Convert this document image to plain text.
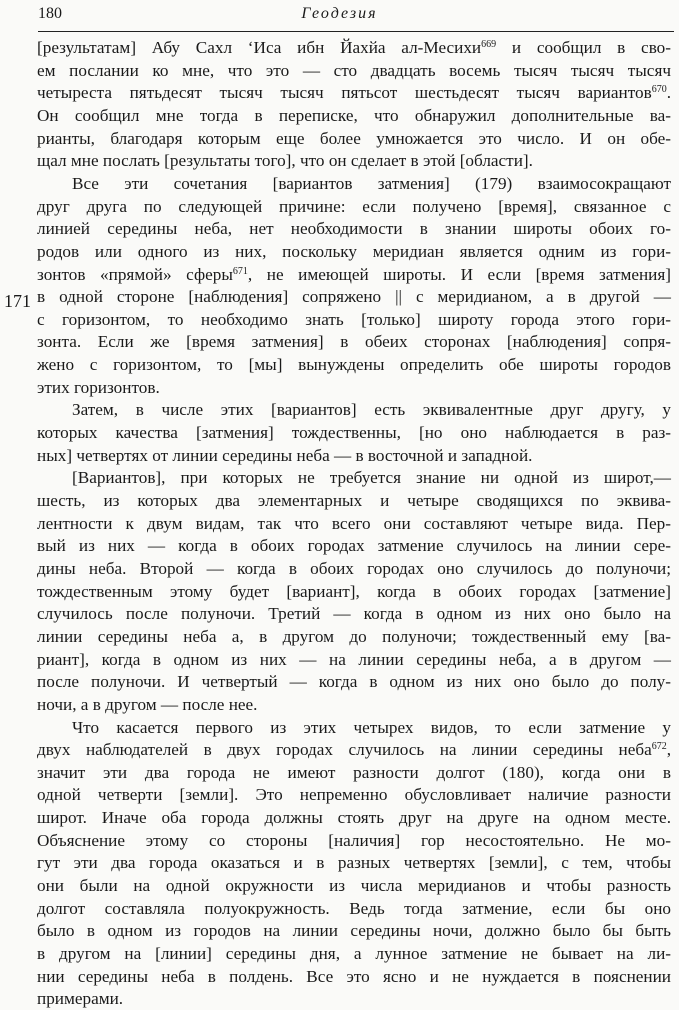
180	Геодезия
171
[результатам] Абу Сахл ‘Иса ибн Йахйа ал-Месихи$^{669}$ и сообщил в сво-
ем послании ко мне, что это — сто двадцать восемь тысяч тысяч тысяч
четыреста пятьдесят тысяч тысяч пятьсот шестьдесят тысяч вариантов$^{670}$.
Он сообщил мне тогда в переписке, что обнаружил дополнительные ва-
рианты, благодаря которым еще более умножается это число. И он обе-
щал мне послать [результаты того], что он сделает в этой [области].
Все эти сочетания [вариантов затмения] (179) взаимосокращают
друг друга по следующей причине: если получено [время], связанное с
линией середины неба, нет необходимости в знании широты обоих го-
родов или одного из них, поскольку меридиан является одним из гори-
зонтов «прямой» сферы$^{671}$, не имеющей широты. И если [время затмения]
в одной стороне [наблюдения] сопряжено || с меридианом, а в другой —
с горизонтом, то необходимо знать [только] широту города этого гори-
зонта. Если же [время затмения] в обеих сторонах [наблюдения] сопря-
жено с горизонтом, то [мы] вынуждены определить обе широты городов
этих горизонтов.
Затем, в числе этих [вариантов] есть эквивалентные друг другу, у
которых качества [затмения] тождественны, [но оно наблюдается в раз-
ных] четвертях от линии середины неба — в восточной и западной.
[Вариантов], при которых не требуется знание ни одной из широт,—
шесть, из которых два элементарных и четыре сводящихся по эквива-
лентности к двум видам, так что всего они составляют четыре вида. Пер-
вый из них — когда в обоих городах затмение случилось на линии сере-
дины неба. Второй — когда в обоих городах оно случилось до полуночи;
тождественным этому будет [вариант], когда в обоих городах [затмение]
случилось после полуночи. Третий — когда в одном из них оно было на
линии середины неба а, в другом до полуночи; тождественный ему [ва-
риант], когда в одном из них — на линии середины неба, а в другом —
после полуночи. И четвертый — когда в одном из них оно было до полу-
ночи, а в другом — после нее.
Что касается первого из этих четырех видов, то если затмение у
двух наблюдателей в двух городах случилось на линии середины неба$^{672}$,
значит эти два города не имеют разности долгот (180), когда они в
одной четверти [земли]. Это непременно обусловливает наличие разности
широт. Иначе оба города должны стоять друг на друге на одном месте.
Объяснение этому со стороны [наличия] гор несостоятельно. Не мо-
гут эти два города оказаться и в разных четвертях [земли], с тем, чтобы
они были на одной окружности из числа меридианов и чтобы разность
долгот составляла полуокружность. Ведь тогда затмение, если бы оно
было в одном из городов на линии середины ночи, должно было бы быть
в другом на [линии] середины дня, а лунное затмение не бывает на ли-
нии середины неба в полдень. Все это ясно и не нуждается в пояснении
примерами.
